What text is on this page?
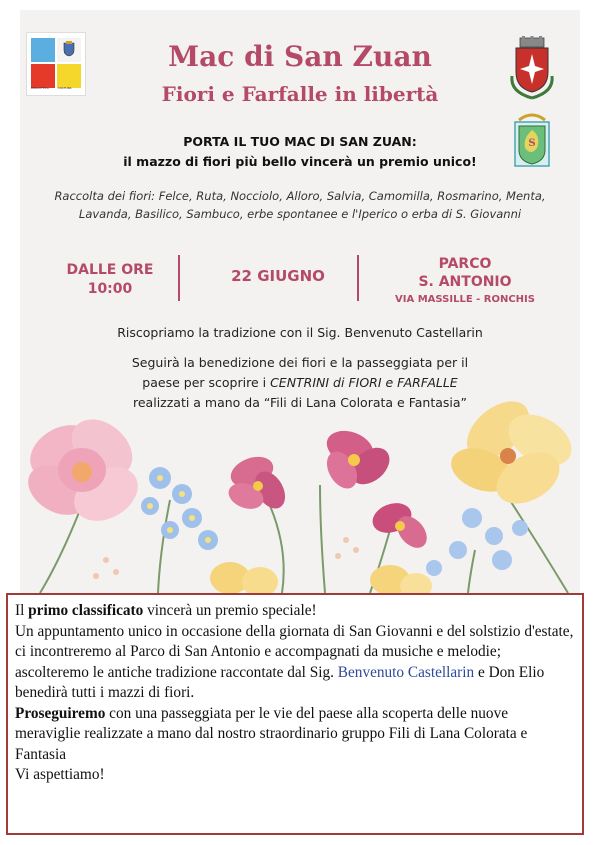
BIBLIOTECA	CULTURA
S
Mac di San Zuan
Fiori e Farfalle in libertà
PORTA IL TUO MAC DI SAN ZUAN:
il mazzo di fiori più bello vincerà un premio unico!
Raccolta dei fiori: Felce, Ruta, Nocciolo, Alloro, Salvia, Camomilla, Rosmarino, Menta,
Lavanda, Basilico, Sambuco, erbe spontanee e l'Iperico o erba di S. Giovanni
DALLE ORE
10:00
22 GIUGNO
PARCO
S. ANTONIO
VIA MASSILLE - RONCHIS
Riscopriamo la tradizione con il Sig. Benvenuto Castellarin
Seguirà la benedizione dei fiori e la passeggiata per il
paese per scoprire i CENTRINI di FIORI e FARFALLE
realizzati a mano da “Fili di Lana Colorata e Fantasia”

Il primo classificato vincerà un premio speciale!

Un appuntamento unico in occasione della giornata di San Giovanni e del solstizio d'estate, ci incontreremo al Parco di San Antonio e accompagnati da musiche e melodie; ascolteremo le antiche tradizione raccontate dal Sig. Benvenuto Castellarin e Don Elio benedirà tutti i mazzi di fiori.

Proseguiremo con una passeggiata per le vie del paese alla scoperta delle nuove meraviglie realizzate a mano dal nostro straordinario gruppo Fili di Lana Colorata e Fantasia

Vi aspettiamo!
